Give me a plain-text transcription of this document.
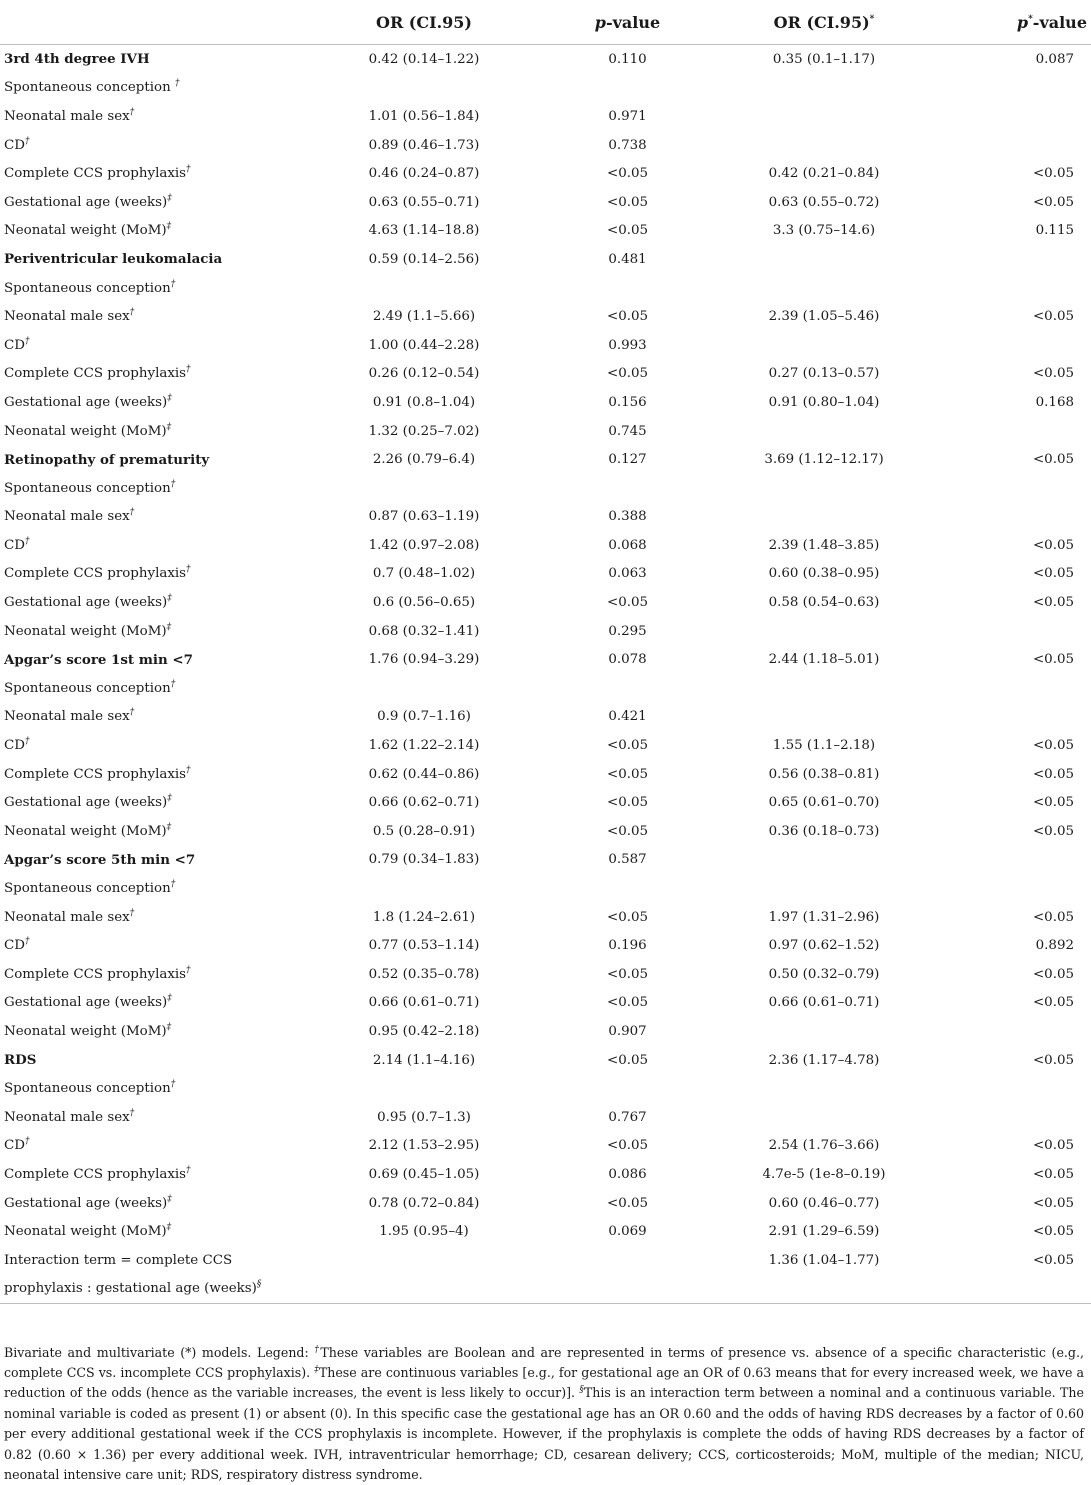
	OR (CI.95)	p-value	OR (CI.95)*	p*-value
3rd 4th degree IVH	0.42 (0.14–1.22)	0.110	0.35 (0.1–1.17)	0.087
Spontaneous conception †				
Neonatal male sex†	1.01 (0.56–1.84)	0.971		
CD†	0.89 (0.46–1.73)	0.738		
Complete CCS prophylaxis†	0.46 (0.24–0.87)	<0.05	0.42 (0.21–0.84)	<0.05
Gestational age (weeks)‡	0.63 (0.55–0.71)	<0.05	0.63 (0.55–0.72)	<0.05
Neonatal weight (MoM)‡	4.63 (1.14–18.8)	<0.05	3.3 (0.75–14.6)	0.115
Periventricular leukomalacia	0.59 (0.14–2.56)	0.481		
Spontaneous conception†				
Neonatal male sex†	2.49 (1.1–5.66)	<0.05	2.39 (1.05–5.46)	<0.05
CD†	1.00 (0.44–2.28)	0.993		
Complete CCS prophylaxis†	0.26 (0.12–0.54)	<0.05	0.27 (0.13–0.57)	<0.05
Gestational age (weeks)‡	0.91 (0.8–1.04)	0.156	0.91 (0.80–1.04)	0.168
Neonatal weight (MoM)‡	1.32 (0.25–7.02)	0.745		
Retinopathy of prematurity	2.26 (0.79–6.4)	0.127	3.69 (1.12–12.17)	<0.05
Spontaneous conception†				
Neonatal male sex†	0.87 (0.63–1.19)	0.388		
CD†	1.42 (0.97–2.08)	0.068	2.39 (1.48–3.85)	<0.05
Complete CCS prophylaxis†	0.7 (0.48–1.02)	0.063	0.60 (0.38–0.95)	<0.05
Gestational age (weeks)‡	0.6 (0.56–0.65)	<0.05	0.58 (0.54–0.63)	<0.05
Neonatal weight (MoM)‡	0.68 (0.32–1.41)	0.295		
Apgar’s score 1st min <7	1.76 (0.94–3.29)	0.078	2.44 (1.18–5.01)	<0.05
Spontaneous conception†				
Neonatal male sex†	0.9 (0.7–1.16)	0.421		
CD†	1.62 (1.22–2.14)	<0.05	1.55 (1.1–2.18)	<0.05
Complete CCS prophylaxis†	0.62 (0.44–0.86)	<0.05	0.56 (0.38–0.81)	<0.05
Gestational age (weeks)‡	0.66 (0.62–0.71)	<0.05	0.65 (0.61–0.70)	<0.05
Neonatal weight (MoM)‡	0.5 (0.28–0.91)	<0.05	0.36 (0.18–0.73)	<0.05
Apgar’s score 5th min <7	0.79 (0.34–1.83)	0.587		
Spontaneous conception†				
Neonatal male sex†	1.8 (1.24–2.61)	<0.05	1.97 (1.31–2.96)	<0.05
CD†	0.77 (0.53–1.14)	0.196	0.97 (0.62–1.52)	0.892
Complete CCS prophylaxis†	0.52 (0.35–0.78)	<0.05	0.50 (0.32–0.79)	<0.05
Gestational age (weeks)‡	0.66 (0.61–0.71)	<0.05	0.66 (0.61–0.71)	<0.05
Neonatal weight (MoM)‡	0.95 (0.42–2.18)	0.907		
RDS	2.14 (1.1–4.16)	<0.05	2.36 (1.17–4.78)	<0.05
Spontaneous conception†				
Neonatal male sex†	0.95 (0.7–1.3)	0.767		
CD†	2.12 (1.53–2.95)	<0.05	2.54 (1.76–3.66)	<0.05
Complete CCS prophylaxis†	0.69 (0.45–1.05)	0.086	4.7e-5 (1e-8–0.19)	<0.05
Gestational age (weeks)‡	0.78 (0.72–0.84)	<0.05	0.60 (0.46–0.77)	<0.05
Neonatal weight (MoM)‡	1.95 (0.95–4)	0.069	2.91 (1.29–6.59)	<0.05
Interaction term = complete CCS			1.36 (1.04–1.77)	<0.05
prophylaxis : gestational age (weeks)§				

Bivariate and multivariate (*) models. Legend: †These variables are Boolean and are represented in terms of presence vs. absence of a specific characteristic (e.g., complete CCS vs. incomplete CCS prophylaxis). ‡These are continuous variables [e.g., for gestational age an OR of 0.63 means that for every increased week, we have a reduction of the odds (hence as the variable increases, the event is less likely to occur)]. §This is an interaction term between a nominal and a continuous variable. The nominal variable is coded as present (1) or absent (0). In this specific case the gestational age has an OR 0.60 and the odds of having RDS decreases by a factor of 0.60 per every additional gestational week if the CCS prophylaxis is incomplete. However, if the prophylaxis is complete the odds of having RDS decreases by a factor of 0.82 (0.60 × 1.36) per every additional week. IVH, intraventricular hemorrhage; CD, cesarean delivery; CCS, corticosteroids; MoM, multiple of the median; NICU, neonatal intensive care unit; RDS, respiratory distress syndrome.
